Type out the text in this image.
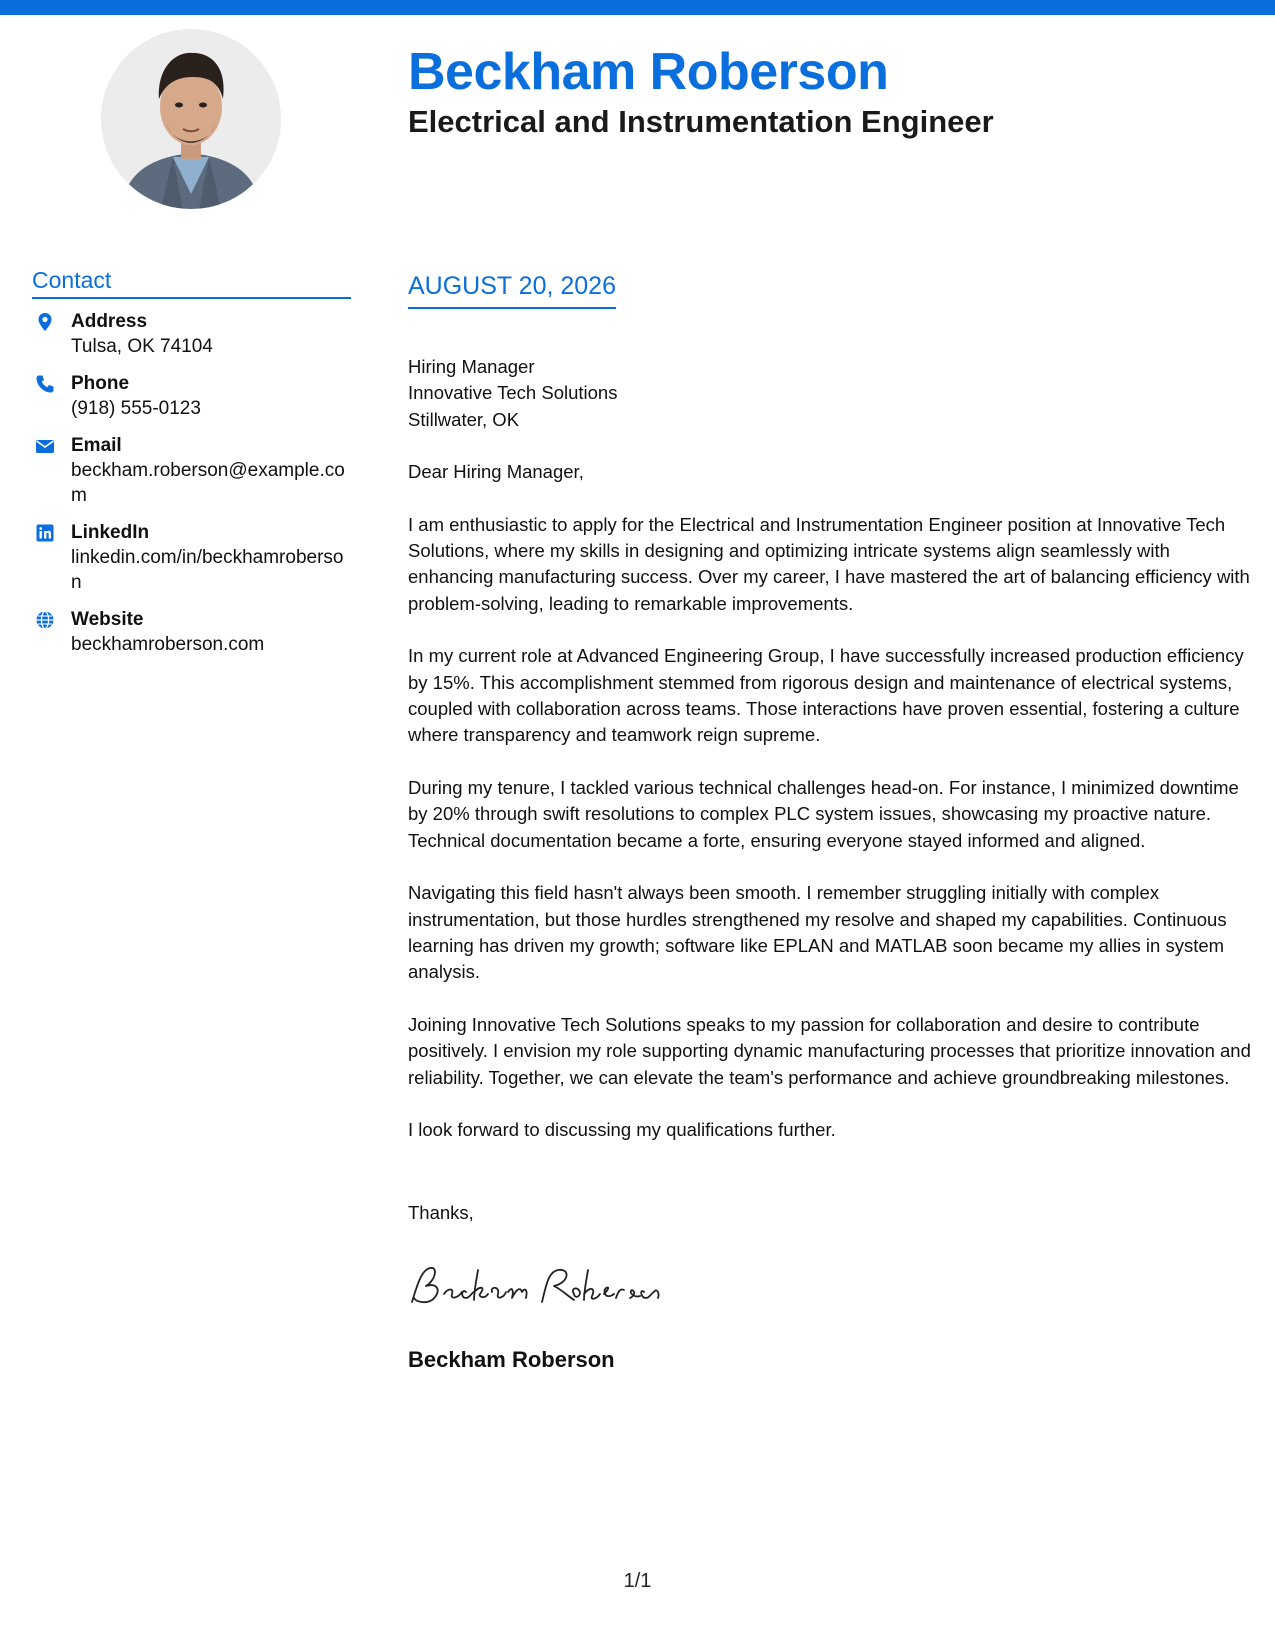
Beckham Roberson
Electrical and Instrumentation Engineer
Contact
Address
Tulsa, OK 74104
Phone
(918) 555-0123
Email
beckham.roberson@example.com
LinkedIn
linkedin.com/in/beckhamroberson
Website
beckhamroberson.com
AUGUST 20, 2026

Hiring Manager
Innovative Tech Solutions
Stillwater, OK

Dear Hiring Manager,

I am enthusiastic to apply for the Electrical and Instrumentation Engineer position at Innovative Tech Solutions, where my skills in designing and optimizing intricate systems align seamlessly with enhancing manufacturing success. Over my career, I have mastered the art of balancing efficiency with problem-solving, leading to remarkable improvements.

In my current role at Advanced Engineering Group, I have successfully increased production efficiency by 15%. This accomplishment stemmed from rigorous design and maintenance of electrical systems, coupled with collaboration across teams. Those interactions have proven essential, fostering a culture where transparency and teamwork reign supreme.

During my tenure, I tackled various technical challenges head-on. For instance, I minimized downtime by 20% through swift resolutions to complex PLC system issues, showcasing my proactive nature. Technical documentation became a forte, ensuring everyone stayed informed and aligned.

Navigating this field hasn't always been smooth. I remember struggling initially with complex instrumentation, but those hurdles strengthened my resolve and shaped my capabilities. Continuous learning has driven my growth; software like EPLAN and MATLAB soon became my allies in system analysis.

Joining Innovative Tech Solutions speaks to my passion for collaboration and desire to contribute positively. I envision my role supporting dynamic manufacturing processes that prioritize innovation and reliability. Together, we can elevate the team's performance and achieve groundbreaking milestones.

I look forward to discussing my qualifications further.

Thanks,
Beckham Roberson
1/1
